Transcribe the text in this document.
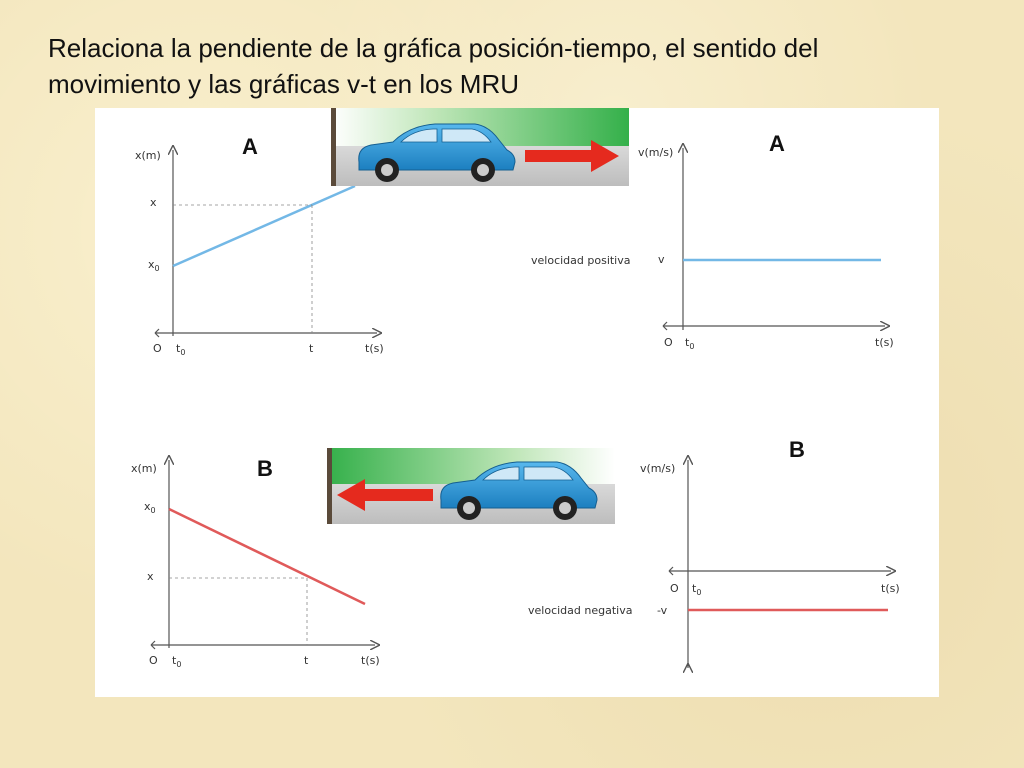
Relaciona la pendiente de la gráfica posición-tiempo, el sentido del
movimiento y las gráficas v-t en los MRU
x(m)
x
$x_0$
O $t_0$	t	t(s)
A	v(m/s)
v
velocidad positiva
O $t_0$	t(s)
A
x(m)
$x_0$
x
O $t_0$	t	t(s)
B	v(m/s)
O $t_0$	t(s)
-v
velocidad negativa
B
